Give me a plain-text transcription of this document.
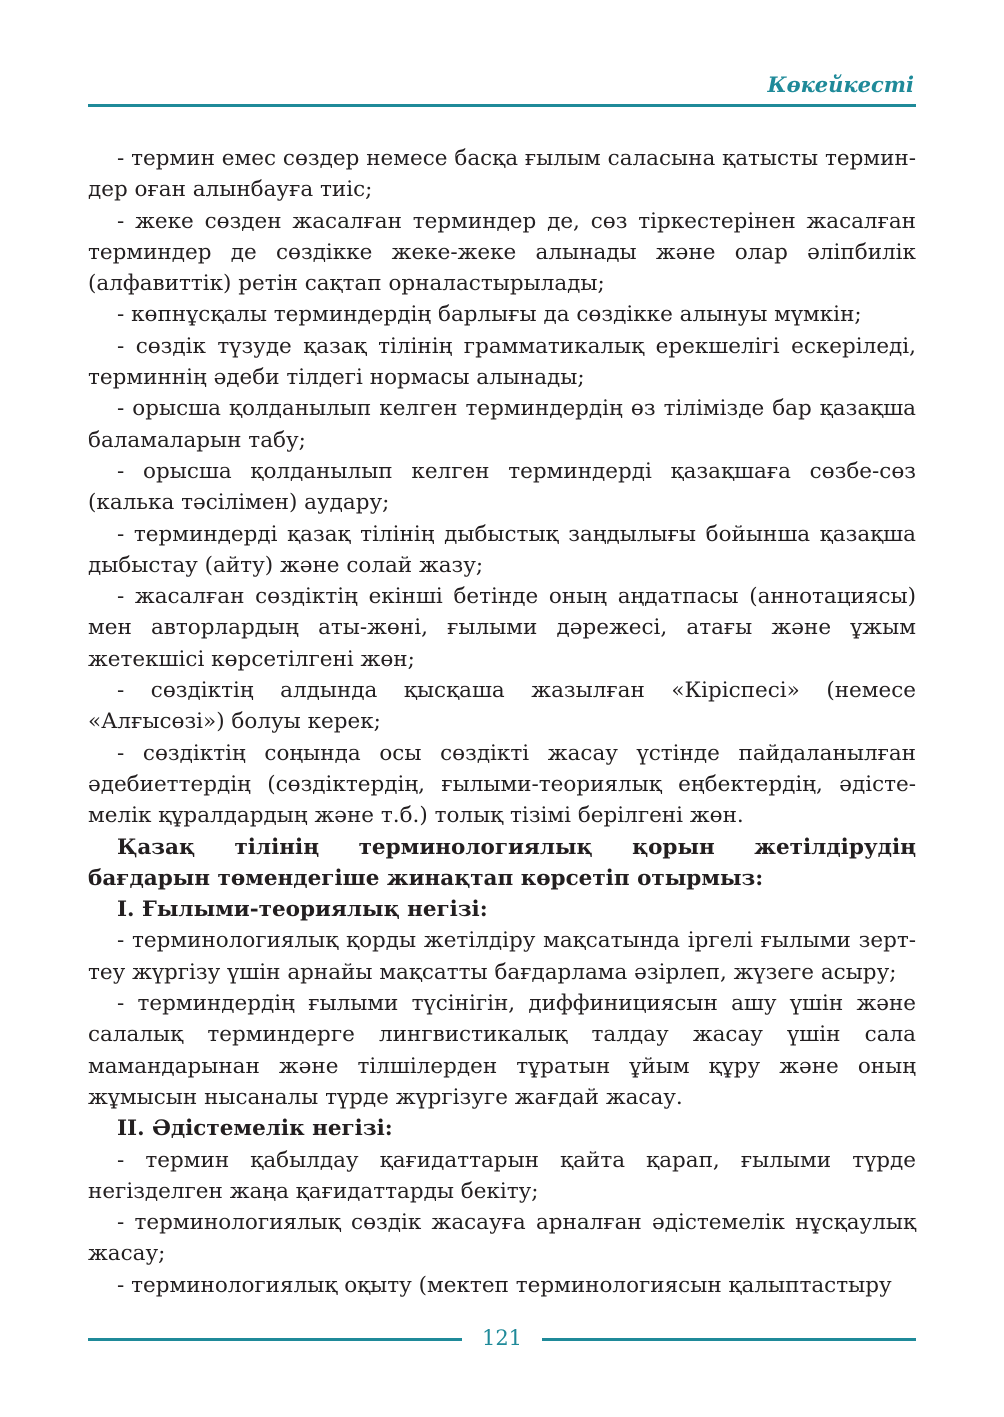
Көкейкесті

- термин емес сөздер немесе басқа ғылым саласына қатысты терминдер оған алынбауға тиіс;

- жеке сөзден жасалған терминдер де, сөз тіркестерінен жасалған терминдер де сөздікке жеке-жеке алынады және олар әліпбилік (алфавиттік) ретін сақтап орналастырылады;

- көпнұсқалы терминдердің барлығы да сөздікке алынуы мүмкін;

- сөздік түзуде қазақ тілінің грамматикалық ерекшелігі ескеріледі, терминнің әдеби тілдегі нормасы алынады;

- орысша қолданылып келген терминдердің өз тілімізде бар қазақша баламаларын табу;

- орысша қолданылып келген терминдерді қазақшаға сөзбе-сөз (калька тәсілімен) аудару;

- терминдерді қазақ тілінің дыбыстық заңдылығы бойынша қазақша дыбыстау (айту) және солай жазу;

- жасалған сөздіктің екінші бетінде оның аңдатпасы (аннотациясы) мен авторлардың аты-жөні, ғылыми дәрежесі, атағы және ұжым жетекшісі көрсетілгені жөн;

- сөздіктің алдында қысқаша жазылған «Кіріспесі» (немесе «Алғысөзі») болуы керек;

- сөздіктің соңында осы сөздікті жасау үстінде пайдаланылған әдебиеттердің (сөздіктердің, ғылыми-теориялық еңбектердің, әдістемелік құралдардың және т.б.) толық тізімі берілгені жөн.

Қазақ тілінің терминологиялық қорын жетілдірудің бағдарын төмендегіше жинақтап көрсетіп отырмыз:

I. Ғылыми-теориялық негізі:

- терминологиялық қорды жетілдіру мақсатында іргелі ғылыми зерттеу жүргізу үшін арнайы мақсатты бағдарлама әзірлеп, жүзеге асыру;

- терминдердің ғылыми түсінігін, диффинициясын ашу үшін және салалық терминдерге лингвистикалық талдау жасау үшін сала мамандарынан және тілшілерден тұратын ұйым құру және оның жұмысын нысаналы түрде жүргізуге жағдай жасау.

II. Әдістемелік негізі:

- термин қабылдау қағидаттарын қайта қарап, ғылыми түрде негізделген жаңа қағидаттарды бекіту;

- терминологиялық сөздік жасауға арналған әдістемелік нұсқаулық жасау;

- терминологиялық оқыту (мектеп терминологиясын қалыптастыру

121
